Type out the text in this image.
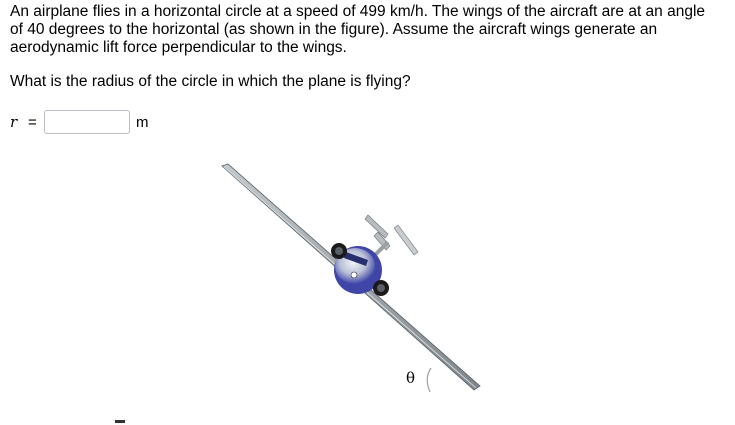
An airplane flies in a horizontal circle at a speed of 499 km/h. The wings of the aircraft are at an angle of 40 degrees to the horizontal (as shown in the figure). Assume the aircraft wings generate an aerodynamic lift force perpendicular to the wings.

What is the radius of the circle in which the plane is flying?

r =	m
θ
